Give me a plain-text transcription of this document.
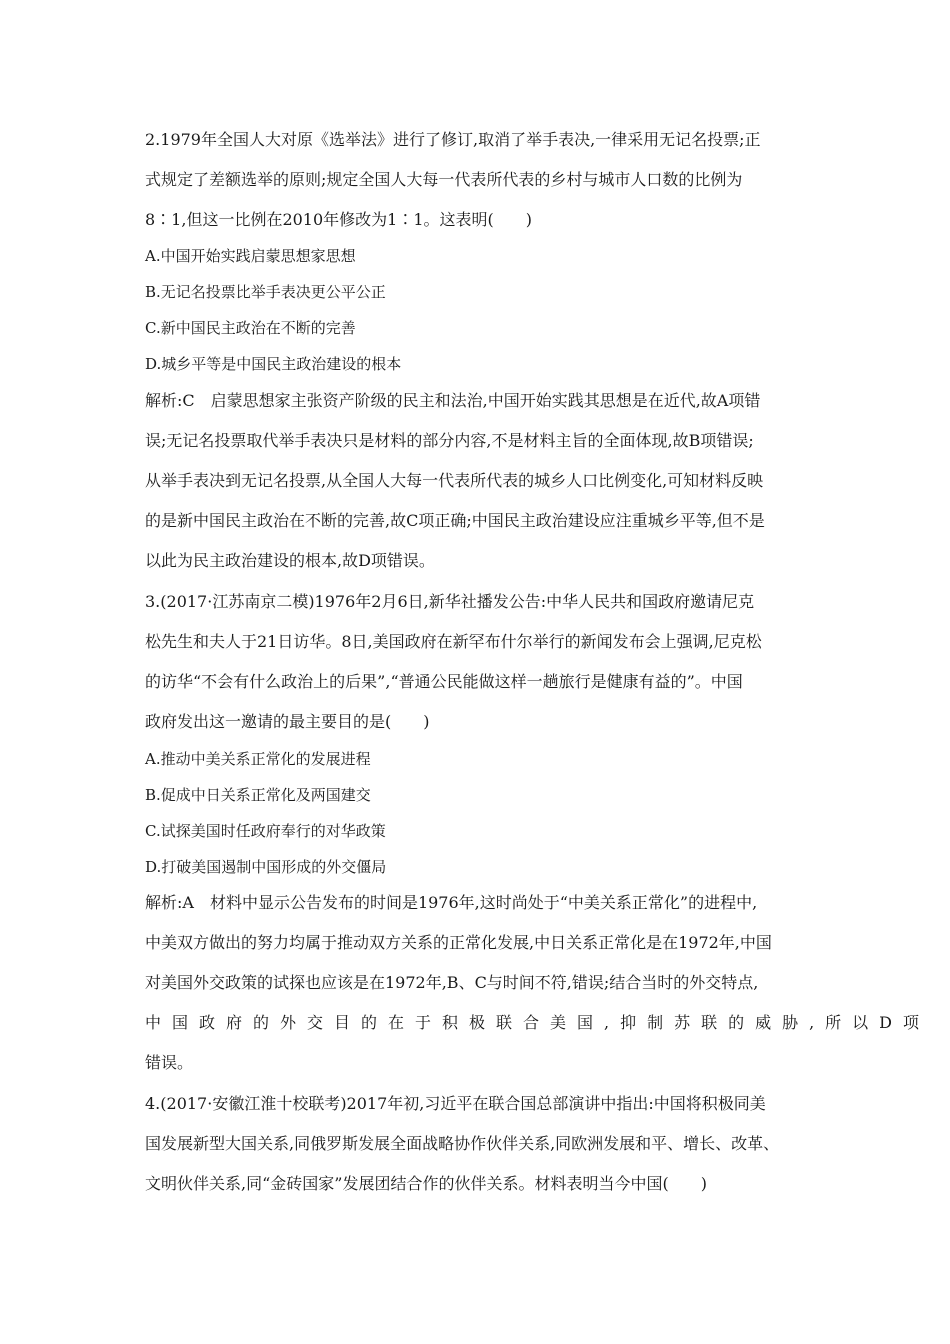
2.1979年全国人大对原《选举法》进行了修订,取消了举手表决,一律采用无记名投票;正
式规定了差额选举的原则;规定全国人大每一代表所代表的乡村与城市人口数的比例为
8∶1,但这一比例在2010年修改为1∶1。这表明(　　)
A.中国开始实践启蒙思想家思想
B.无记名投票比举手表决更公平公正
C.新中国民主政治在不断的完善
D.城乡平等是中国民主政治建设的根本
解析:C　启蒙思想家主张资产阶级的民主和法治,中国开始实践其思想是在近代,故A项错
误;无记名投票取代举手表决只是材料的部分内容,不是材料主旨的全面体现,故B项错误;
从举手表决到无记名投票,从全国人大每一代表所代表的城乡人口比例变化,可知材料反映
的是新中国民主政治在不断的完善,故C项正确;中国民主政治建设应注重城乡平等,但不是
以此为民主政治建设的根本,故D项错误。
3.(2017·江苏南京二模)1976年2月6日,新华社播发公告:中华人民共和国政府邀请尼克
松先生和夫人于21日访华。8日,美国政府在新罕布什尔举行的新闻发布会上强调,尼克松
的访华“不会有什么政治上的后果”,“普通公民能做这样一趟旅行是健康有益的”。中国
政府发出这一邀请的最主要目的是(　　)
A.推动中美关系正常化的发展进程
B.促成中日关系正常化及两国建交
C.试探美国时任政府奉行的对华政策
D.打破美国遏制中国形成的外交僵局
解析:A　材料中显示公告发布的时间是1976年,这时尚处于“中美关系正常化”的进程中,
中美双方做出的努力均属于推动双方关系的正常化发展,中日关系正常化是在1972年,中国
对美国外交政策的试探也应该是在1972年,B、C与时间不符,错误;结合当时的外交特点,
中国政府的外交目的在于积极联合美国,抑制苏联的威胁,所以D项
错误。
4.(2017·安徽江淮十校联考)2017年初,习近平在联合国总部演讲中指出:中国将积极同美
国发展新型大国关系,同俄罗斯发展全面战略协作伙伴关系,同欧洲发展和平、增长、改革、
文明伙伴关系,同“金砖国家”发展团结合作的伙伴关系。材料表明当今中国(　　)
